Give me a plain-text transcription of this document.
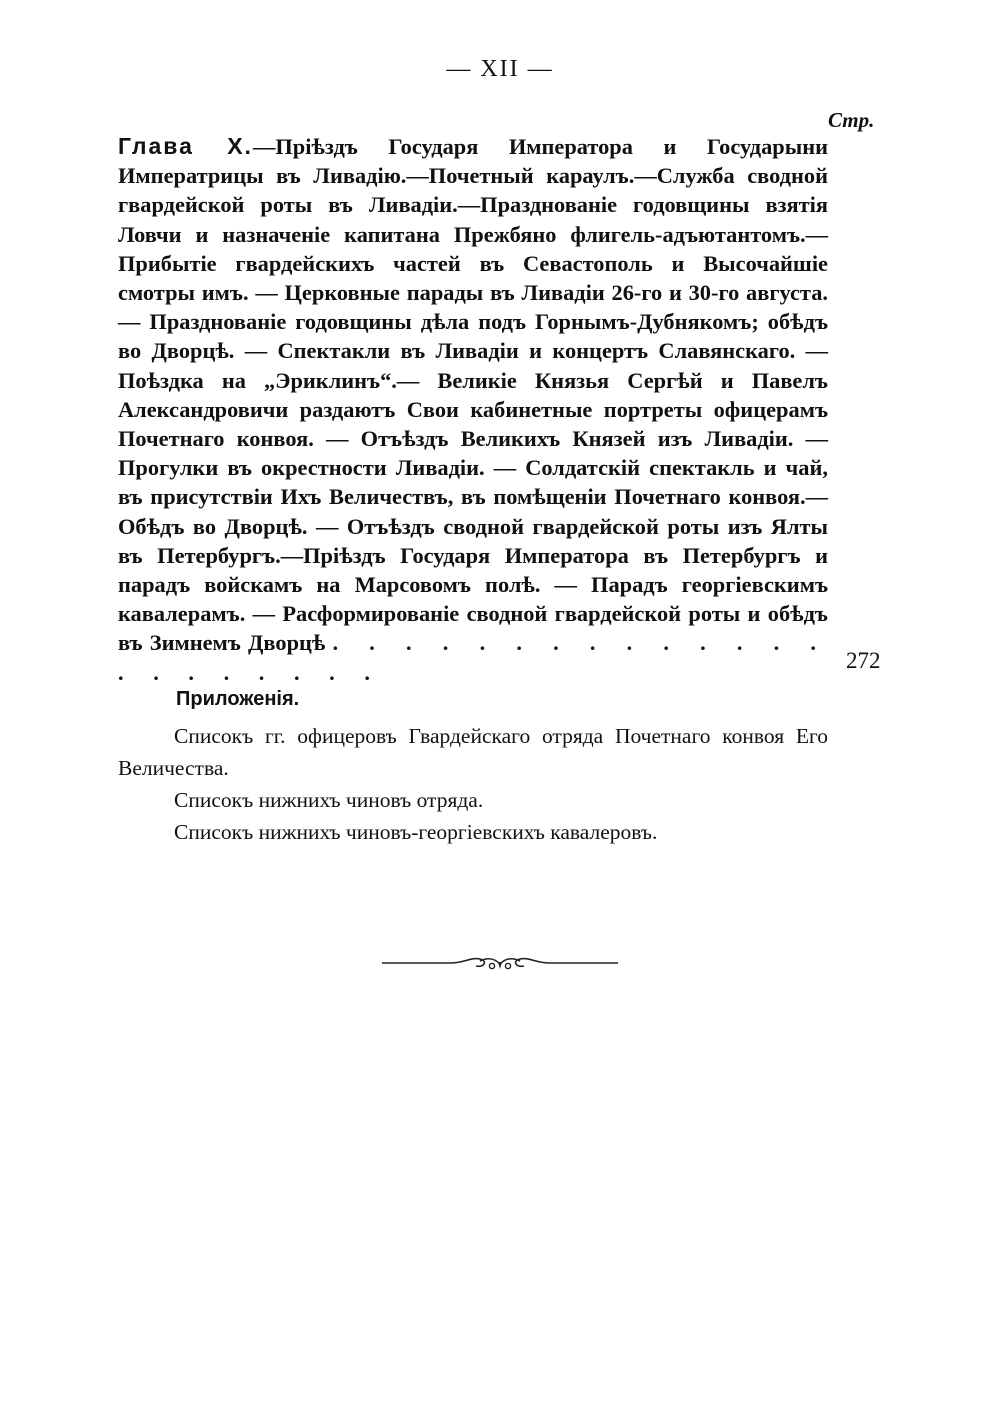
— XII —
Стр.
Глава X.—Пріѣздъ Государя Императора и Государыни Императрицы въ Ливадію.—Почетный караулъ.—Служба сводной гвардейской роты въ Ливадіи.—Празднованіе годовщины взятія Ловчи и назначеніе капитана Прежбяно флигель-адъютантомъ.— Прибытіе гвардейскихъ частей въ Севастополь и Высочайшіе смотры имъ. — Церковные парады въ Ливадіи 26-го и 30-го августа. — Празднованіе годовщины дѣла подъ Горнымъ-Дубнякомъ; обѣдъ во Дворцѣ. — Спектакли въ Ливадіи и концертъ Славянскаго. — Поѣздка на „Эриклинъ“.— Великіе Князья Сергѣй и Павелъ Александровичи раздаютъ Свои кабинетные портреты офицерамъ Почетнаго конвоя. — Отъѣздъ Великихъ Князей изъ Ливадіи. — Прогулки въ окрестности Ливадіи. — Солдатскій спектакль и чай, въ присутствіи Ихъ Величествъ, въ помѣщеніи Почетнаго конвоя.—Обѣдъ во Дворцѣ. — Отъѣздъ сводной гвардейской роты изъ Ялты въ Петербургъ.—Пріѣздъ Государя Императора въ Петербургъ и парадъ войскамъ на Марсовомъ полѣ. — Парадъ георгіевскимъ кавалерамъ. — Расформированіе сводной гвардейской роты и обѣдъ въ Зимнемъ Дворцѣ . . . . . . . . . . . . . . . . . . . . . .	272
Приложенія.
Списокъ гг. офицеровъ Гвардейскаго отряда Почетнаго конвоя Его Величества.
Списокъ нижнихъ чиновъ отряда.
Списокъ нижнихъ чиновъ-георгіевскихъ кавалеровъ.
